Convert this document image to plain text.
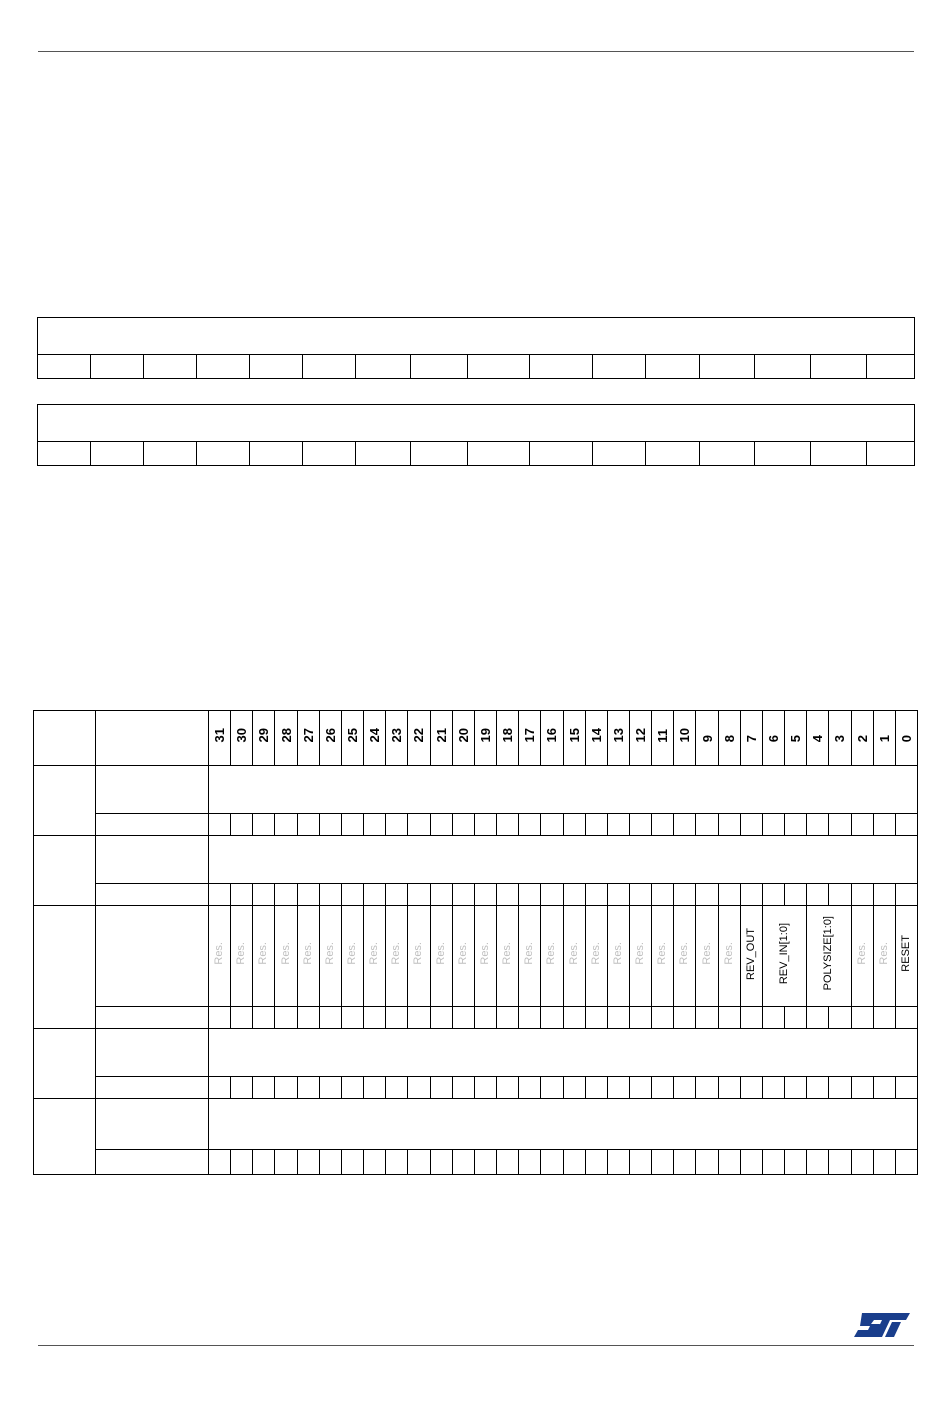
		31	30	29	28	27	26	25	24	23	22	21	20	19	18	17	16	15	14	13	12	11	10	9	8	7	6	5	4	3	2	1	0

		Res.	Res.	Res.	Res.	Res.	Res.	Res.	Res.	Res.	Res.	Res.	Res.	Res.	Res.	Res.	Res.	Res.	Res.	Res.	Res.	Res.	Res.	Res.	Res.	REV_OUT	REV_IN[1:0]		POLYSIZE[1:0]		Res.	Res.	RESET
